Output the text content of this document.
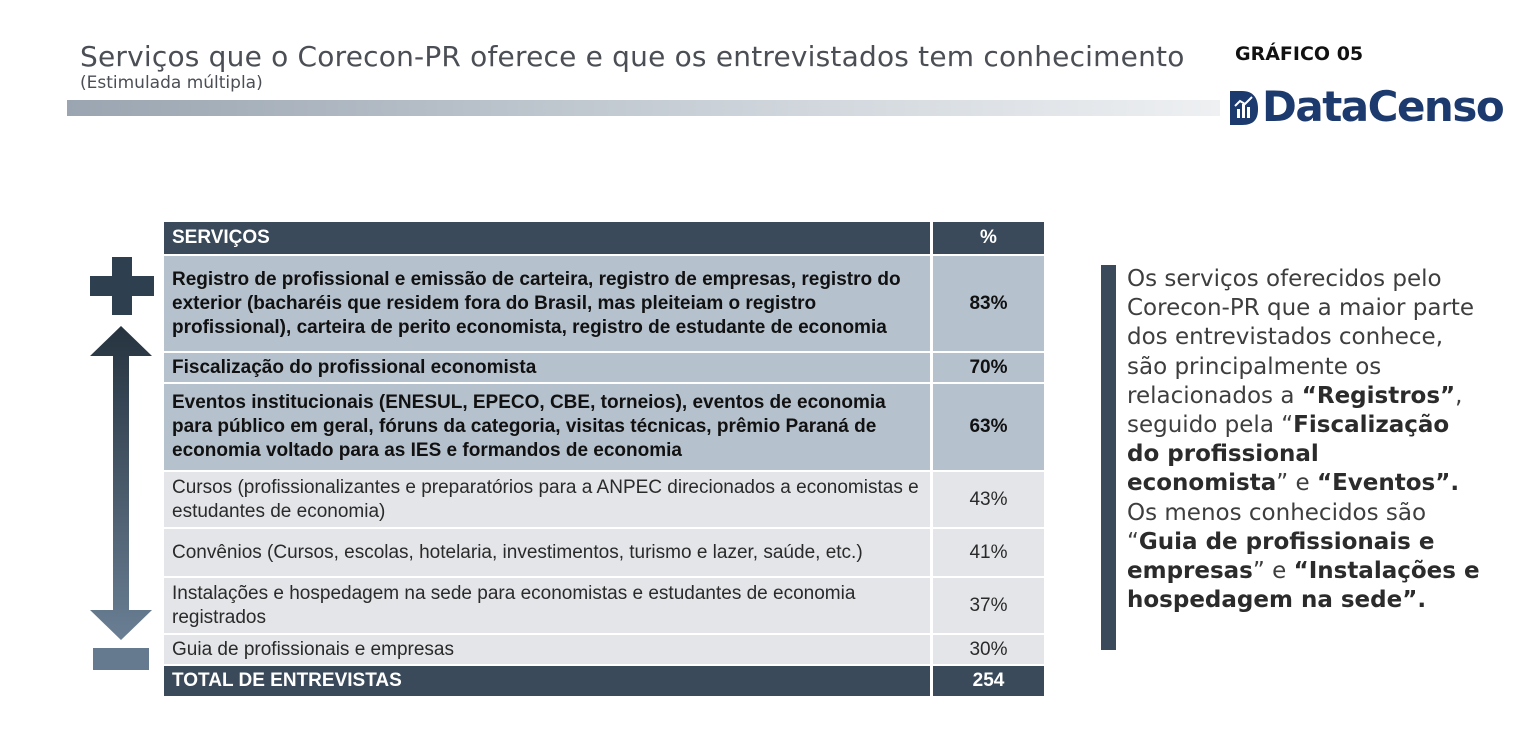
Serviços que o Corecon-PR oferece e que os entrevistados tem conhecimento
(Estimulada múltipla)
GRÁFICO 05
DataCenso
SERVIÇOS	%
Registro de profissional e emissão de carteira, registro de empresas, registro do exterior (bacharéis que residem fora do Brasil, mas pleiteiam o registro profissional), carteira de perito economista, registro de estudante de economia	83%
Fiscalização do profissional economista	70%
Eventos institucionais (ENESUL, EPECO, CBE, torneios), eventos de economia para público em geral, fóruns da categoria, visitas técnicas, prêmio Paraná de economia voltado para as IES e formandos de economia	63%
Cursos (profissionalizantes e preparatórios para a ANPEC direcionados a economistas e estudantes de economia)	43%
Convênios (Cursos, escolas, hotelaria, investimentos, turismo e lazer, saúde, etc.)	41%
Instalações e hospedagem na sede para economistas e estudantes de economia registrados	37%
Guia de profissionais e empresas	30%
TOTAL DE ENTREVISTAS	254
Os serviços oferecidos pelo Corecon-PR que a maior parte dos entrevistados conhece, são principalmente os relacionados a “Registros”, seguido pela “Fiscalização do profissional economista” e “Eventos”.
Os menos conhecidos são “Guia de profissionais e empresas” e “Instalações e hospedagem na sede”.
